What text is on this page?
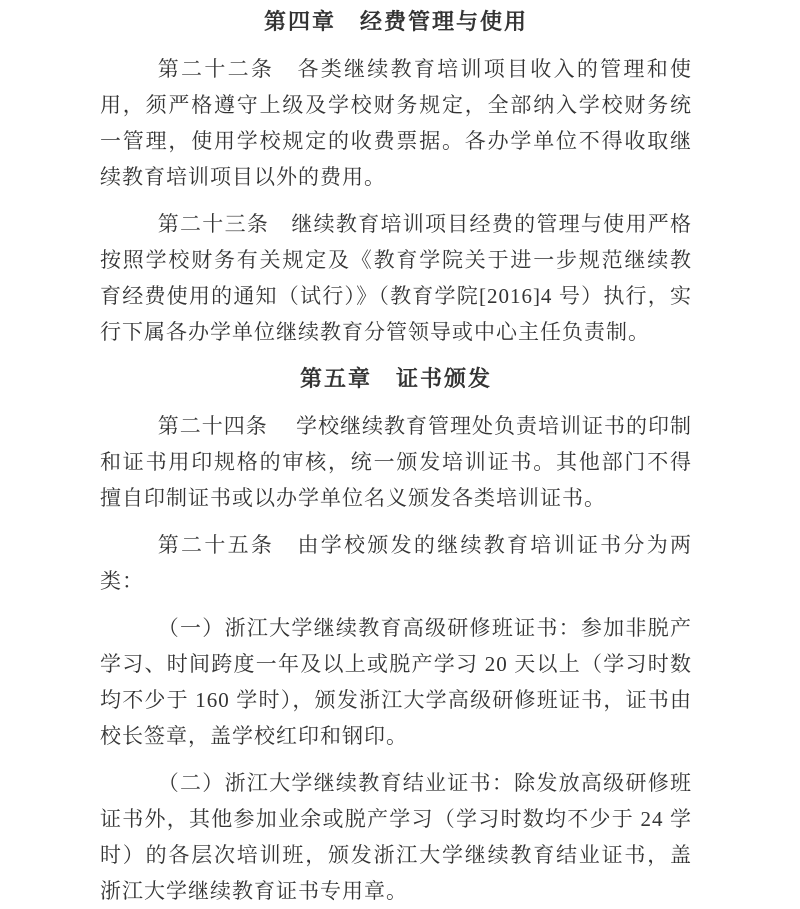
第四章　经费管理与使用

第二十二条　各类继续教育培训项目收入的管理和使用，须严格遵守上级及学校财务规定，全部纳入学校财务统一管理，使用学校规定的收费票据。各办学单位不得收取继续教育培训项目以外的费用。

第二十三条　继续教育培训项目经费的管理与使用严格按照学校财务有关规定及《教育学院关于进一步规范继续教育经费使用的通知（试行）》（教育学院[2016]4 号）执行，实行下属各办学单位继续教育分管领导或中心主任负责制。

第五章　证书颁发

第二十四条　 学校继续教育管理处负责培训证书的印制和证书用印规格的审核，统一颁发培训证书。其他部门不得擅自印制证书或以办学单位名义颁发各类培训证书。

第二十五条　由学校颁发的继续教育培训证书分为两类：

（一）浙江大学继续教育高级研修班证书：参加非脱产学习、时间跨度一年及以上或脱产学习 20 天以上（学习时数均不少于 160 学时），颁发浙江大学高级研修班证书，证书由校长签章，盖学校红印和钢印。

（二）浙江大学继续教育结业证书：除发放高级研修班证书外，其他参加业余或脱产学习（学习时数均不少于 24 学时）的各层次培训班，颁发浙江大学继续教育结业证书，盖浙江大学继续教育证书专用章。
